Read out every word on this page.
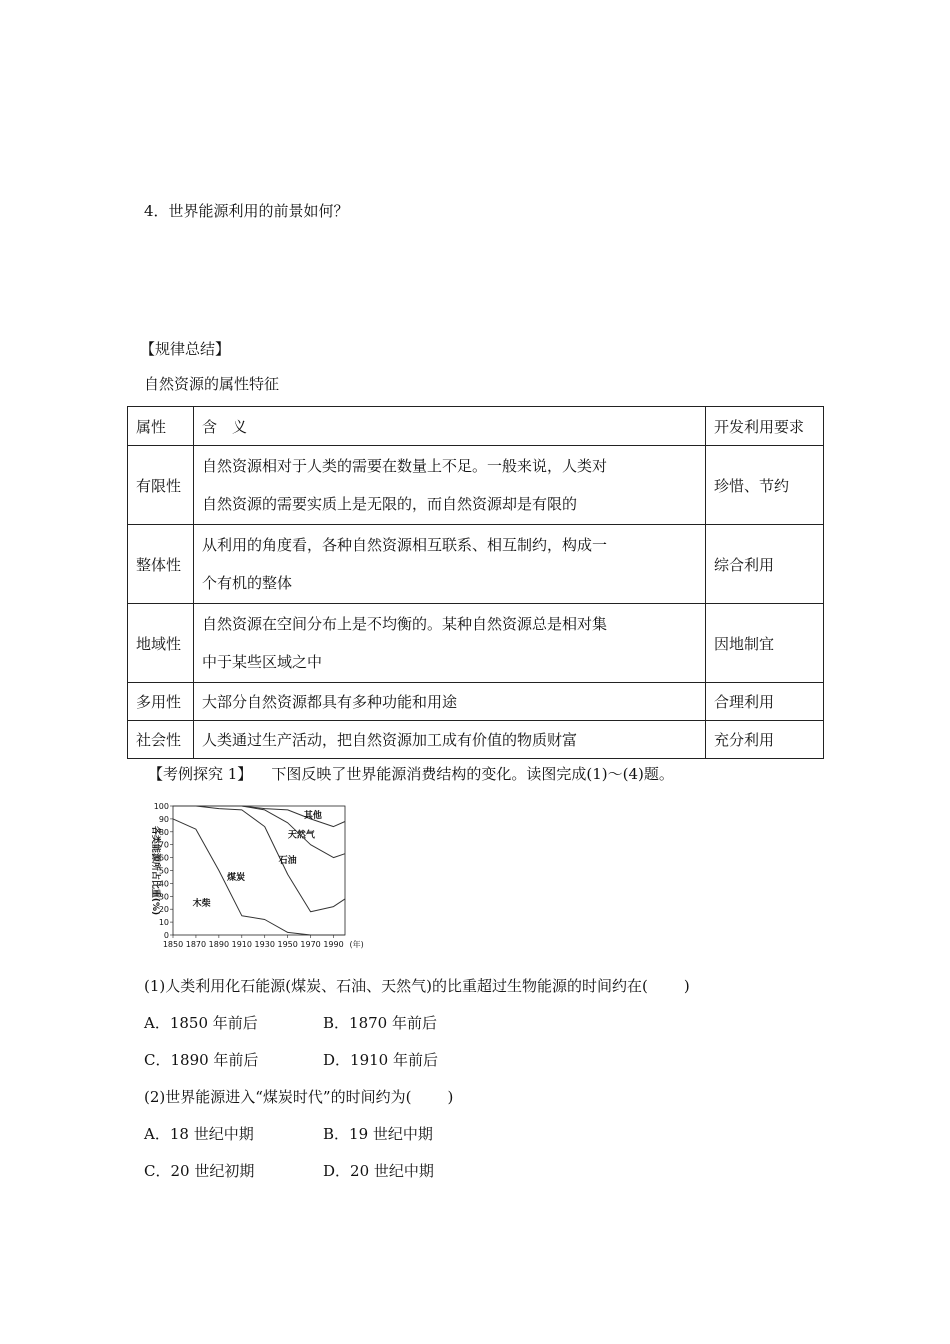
4．世界能源利用的前景如何？
【规律总结】
自然资源的属性特征
属性	含　义	开发利用要求
有限性	自然资源相对于人类的需要在数量上不足。一般来说，人类对
自然资源的需要实质上是无限的，而自然资源却是有限的	珍惜、节约
整体性	从利用的角度看，各种自然资源相互联系、相互制约，构成一
个有机的整体	综合利用
地域性	自然资源在空间分布上是不均衡的。某种自然资源总是相对集
中于某些区域之中	因地制宜
多用性	大部分自然资源都具有多种功能和用途	合理利用
社会性	人类通过生产活动，把自然资源加工成有价值的物质财富	充分利用
【考例探究 1】 下图反映了世界能源消费结构的变化。读图完成(1)～(4)题。
木柴
煤炭
石油
天然气
其他
0
10
20
30
40
50
60
70
80
90
100
1850 1870 1890 1910 1930 1950 1970 1990 (年)
各类能源所占比重(%)
(1)人类利用化石能源(煤炭、石油、天然气)的比重超过生物能源的时间约在( )
A．1850 年前后	B．1870 年前后
C．1890 年前后	D．1910 年前后
(2)世界能源进入“煤炭时代”的时间约为( )
A．18 世纪中期	B．19 世纪中期
C．20 世纪初期	D．20 世纪中期
